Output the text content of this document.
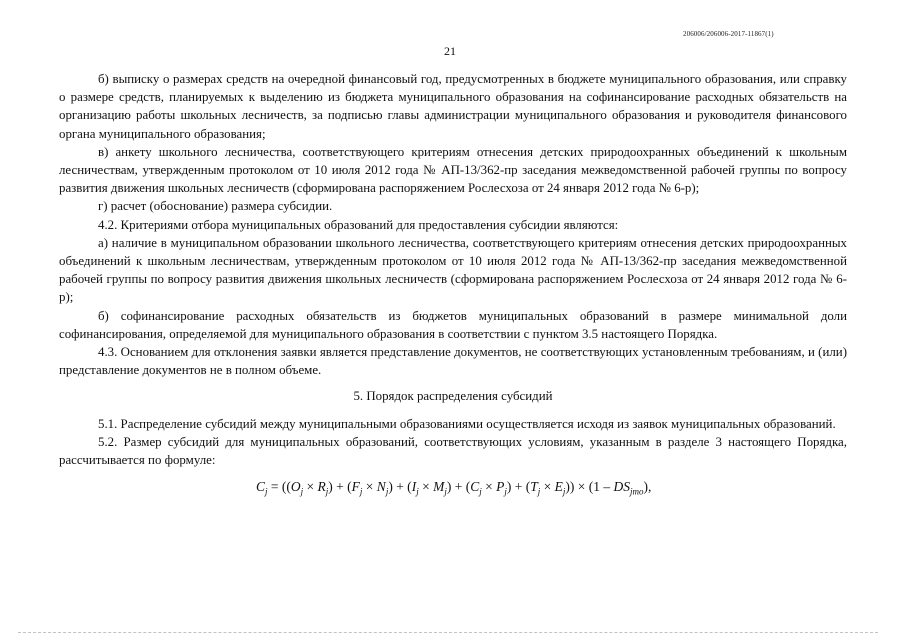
206006/206006-2017-11867(1)
21

б) выписку о размерах средств на очередной финансовый год, предусмотренных в бюджете муниципального образования, или справку о размере средств, планируемых к выделению из бюджета муниципального образования на софинансирование расходных обязательств на организацию работы школьных лесничеств, за подписью главы администрации муниципального образования и руководителя финансового органа муниципального образования;

в) анкету школьного лесничества, соответствующего критериям отнесения детских природоохранных объединений к школьным лесничествам, утвержденным протоколом от 10 июля 2012 года № АП-13/362-пр заседания межведомственной рабочей группы по вопросу развития движения школьных лесничеств (сформирована распоряжением Рослесхоза от 24 января 2012 года № 6-р);

г) расчет (обоснование) размера субсидии.

4.2. Критериями отбора муниципальных образований для предоставления субсидии являются:

а) наличие в муниципальном образовании школьного лесничества, соответствующего критериям отнесения детских природоохранных объединений к школьным лесничествам, утвержденным протоколом от 10 июля 2012 года № АП-13/362-пр заседания межведомственной рабочей группы по вопросу развития движения школьных лесничеств (сформирована распоряжением Рослесхоза от 24 января 2012 года № 6-р);

б) софинансирование расходных обязательств из бюджетов муниципальных образований в размере минимальной доли софинансирования, определяемой для муниципального образования в соответствии с пунктом 3.5 настоящего Порядка.

4.3. Основанием для отклонения заявки является представление документов, не соответствующих установленным требованиям, и (или) представление документов не в полном объеме.

5. Порядок распределения субсидий

5.1. Распределение субсидий между муниципальными образованиями осуществляется исходя из заявок муниципальных образований.

5.2. Размер субсидий для муниципальных образований, соответствующих условиям, указанным в разделе 3 настоящего Порядка, рассчитывается по формуле:

$C_j = ((O_j \times R_j) + (F_j \times N_j) + (I_j \times M_j) + (C_j \times P_j) + (T_j \times E_j)) \times (1 - DS_{jmo})$,
